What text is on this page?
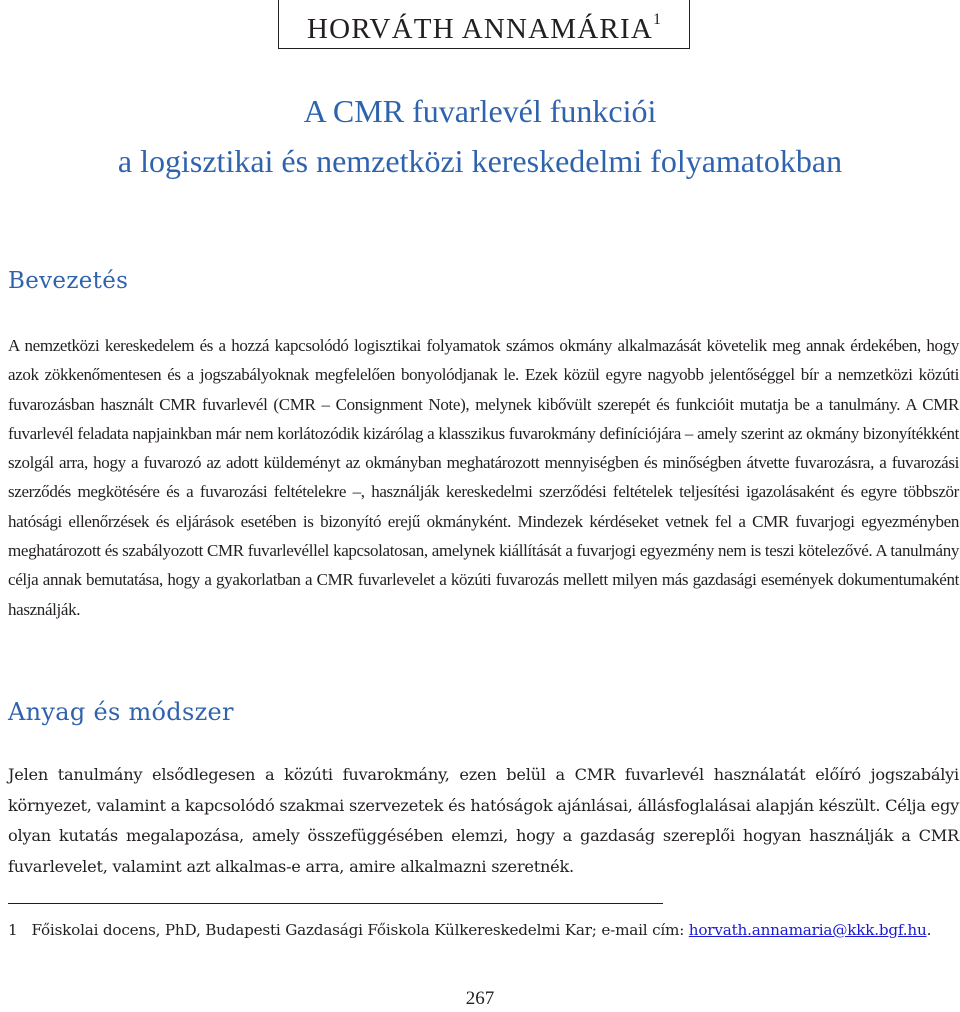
HORVÁTH ANNAMÁRIA$^1$
A CMR fuvarlevél funkciói
a logisztikai és nemzetközi kereskedelmi folyamatokban
Bevezetés

A nemzetközi kereskedelem és a hozzá kapcsolódó logisztikai folyamatok számos okmány alkalmazását követelik meg annak érdekében, hogy azok zökkenőmentesen és a jogszabályoknak megfelelően bonyolódjanak le. Ezek közül egyre nagyobb jelentőséggel bír a nemzetközi közúti fuvarozásban használt CMR fuvarlevél (CMR – Consignment Note), melynek kibővült szerepét és funkcióit mutatja be a tanulmány. A CMR fuvarlevél feladata napjainkban már nem korlátozódik kizárólag a klasszikus fuvarokmány definíciójára – amely szerint az okmány bizonyítékként szolgál arra, hogy a fuvarozó az adott küldeményt az okmányban meghatározott mennyiségben és minőségben átvette fuvarozásra, a fuvarozási szerződés megkötésére és a fuvarozási feltételekre –, használják kereskedelmi szerződési feltételek teljesítési igazolásaként és egyre többször hatósági ellenőrzések és eljárások esetében is bizonyító erejű okmányként. Mindezek kérdéseket vetnek fel a CMR fuvarjogi egyezményben meghatározott és szabályozott CMR fuvarlevéllel kapcsolatosan, amelynek kiállítását a fuvarjogi egyezmény nem is teszi kötelezővé. A tanulmány célja annak bemutatása, hogy a gyakorlatban a CMR fuvarlevelet a közúti fuvarozás mellett milyen más gazdasági események dokumentumaként használják.

Anyag és módszer

Jelen tanulmány elsődlegesen a közúti fuvarokmány, ezen belül a CMR fuvarlevél használatát előíró jogszabályi környezet, valamint a kapcsolódó szakmai szervezetek és hatóságok ajánlásai, állásfoglalásai alapján készült. Célja egy olyan kutatás megalapozása, amely összefüggésében elemzi, hogy a gazdaság szereplői hogyan használják a CMR fuvarlevelet, valamint azt alkalmas-e arra, amire alkalmazni szeretnék.

1 Főiskolai docens, PhD, Budapesti Gazdasági Főiskola Külkereskedelmi Kar; e-mail cím: horvath.annamaria@kkk.bgf.hu.

267
